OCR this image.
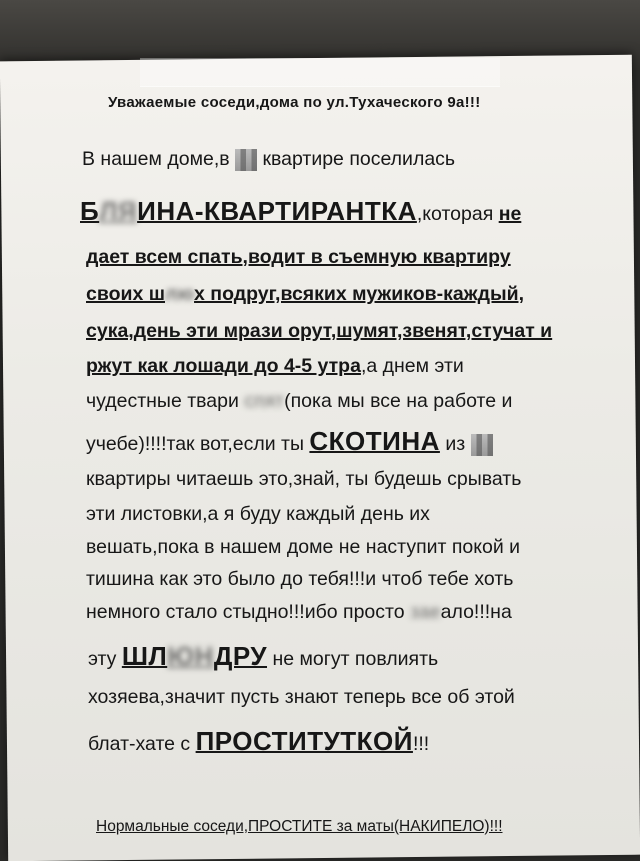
Уважаемые соседи,дома по ул.Тухаческого 9а!!!
В нашем доме,в квартире поселилась
БЛЯИНА-КВАРТИРАНТКА,которая не
дает всем спать,водит в съемную квартиру
своих шлюх подруг,всяких мужиков-каждый,
сука,день эти мрази орут,шумят,звенят,стучат и
ржут как лошади до 4-5 утра,а днем эти
чудестные твари спят(пока мы все на работе и
учебе)!!!!так вот,если ты СКОТИНА из
квартиры читаешь это,знай, ты будешь срывать
эти листовки,а я буду каждый день их
вешать,пока в нашем доме не наступит покой и
тишина как это было до тебя!!!и чтоб тебе хоть
немного стало стыдно!!!ибо просто заеало!!!на
эту ШЛЮНДРУ не могут повлиять
хозяева,значит пусть знают теперь все об этой
блат-хате с ПРОСТИТУТКОЙ!!!
Нормальные соседи,ПРОСТИТЕ за маты(НАКИПЕЛО)!!!
